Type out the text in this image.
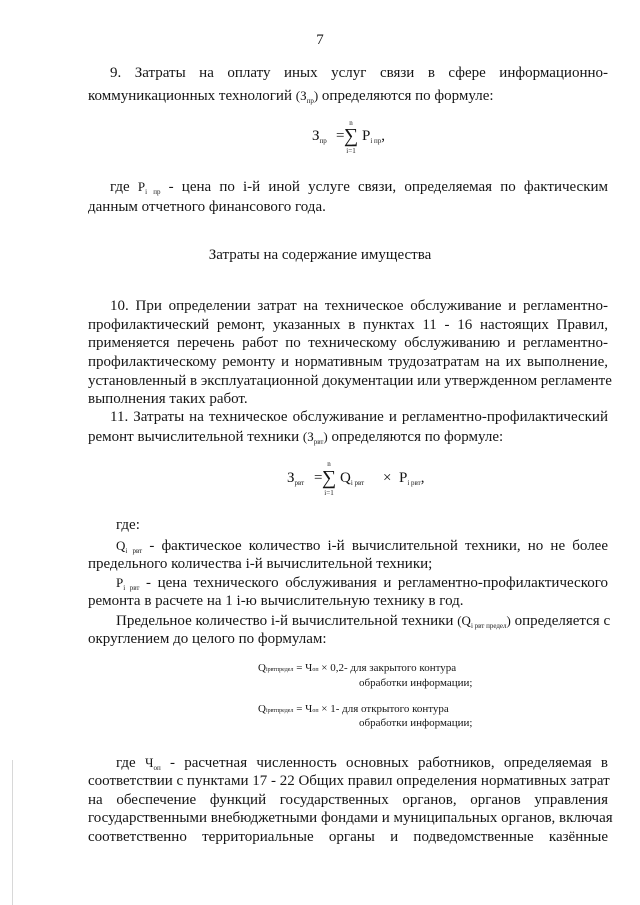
7
9. Затраты на оплату иных услуг связи в сфере информационно-
коммуникационных технологий $(З_{пр})$ определяются по формуле:
$З_{пр}$ =
n
∑
i=1
$P_{i пр}$,
где $P_{i пр}$ - цена по i-й иной услуге связи, определяемая по фактическим
данным отчетного финансового года.
Затраты на содержание имущества
10. При определении затрат на техническое обслуживание и регламентно-
профилактический ремонт, указанных в пунктах 11 - 16 настоящих Правил,
применяется перечень работ по техническому обслуживанию и регламентно-
профилактическому ремонту и нормативным трудозатратам на их выполнение,
установленный в эксплуатационной документации или утвержденном регламенте
выполнения таких работ.
11. Затраты на техническое обслуживание и регламентно-профилактический
ремонт вычислительной техники $(З_{рвт})$ определяются по формуле:
$З_{рвт}$ =
n
∑
i=1
$Q_{i рвт} \times P_{i рвт}$,
где:
$Q_{i рвт}$ - фактическое количество i-й вычислительной техники, но не более
предельного количества i-й вычислительной техники;
$P_{i рвт}$ - цена технического обслуживания и регламентно-профилактического
ремонта в расчете на 1 i-ю вычислительную технику в год.
Предельное количество i-й вычислительной техники $(Q_{i рвт предел})$ определяется с
округлением до целого по формулам:
Qiрвтпредел = Чоп × 0,2- для закрытого контура
обработки информации;
Qiрвтпредел = Чоп × 1- для открытого контура
обработки информации;
где $Ч_{оп}$ - расчетная численность основных работников, определяемая в
соответствии с пунктами 17 - 22 Общих правил определения нормативных затрат
на обеспечение функций государственных органов, органов управления
государственными внебюджетными фондами и муниципальных органов, включая
соответственно территориальные органы и подведомственные казённые
